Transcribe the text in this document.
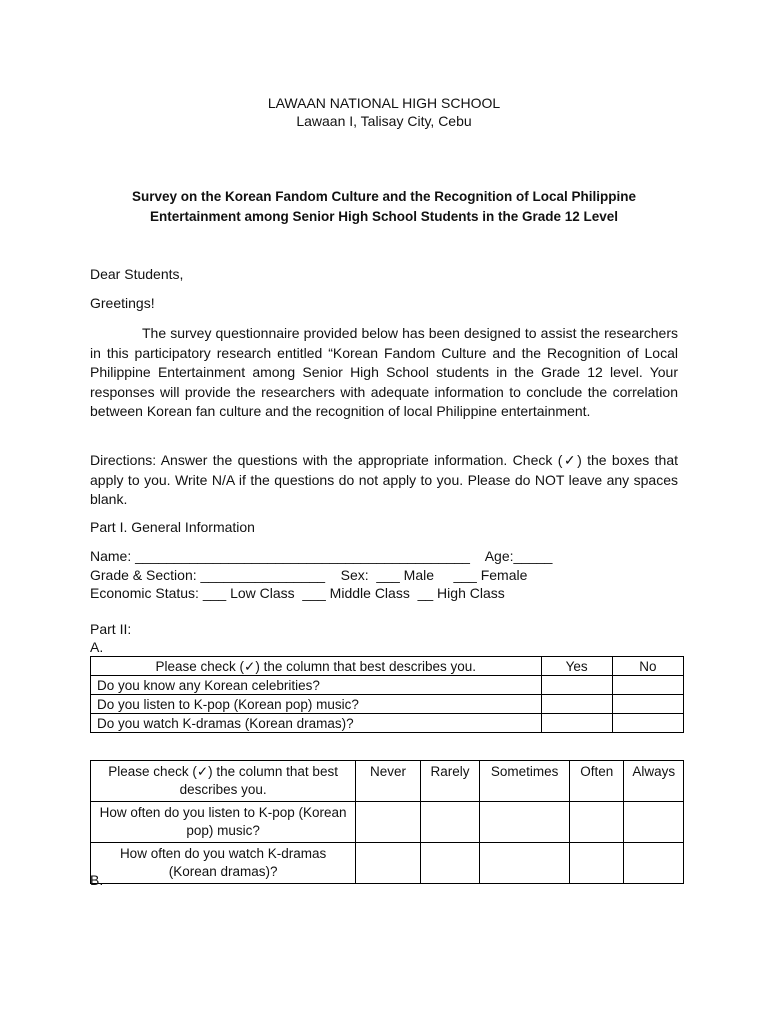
LAWAAN NATIONAL HIGH SCHOOL
Lawaan I, Talisay City, Cebu
Survey on the Korean Fandom Culture and the Recognition of Local Philippine
Entertainment among Senior High School Students in the Grade 12 Level
Dear Students,
Greetings!
The survey questionnaire provided below has been designed to assist the researchers in this participatory research entitled “Korean Fandom Culture and the Recognition of Local Philippine Entertainment among Senior High School students in the Grade 12 level. Your responses will provide the researchers with adequate information to conclude the correlation between Korean fan culture and the recognition of local Philippine entertainment.
Directions: Answer the questions with the appropriate information. Check (✓) the boxes that apply to you. Write N/A if the questions do not apply to you. Please do NOT leave any spaces blank.
Part I. General Information
Name: ___________________________________________    Age:_____
Grade & Section: ________________    Sex:  ___ Male     ___ Female
Economic Status: ___ Low Class  ___ Middle Class  __ High Class
Part II:
A.
Please check (✓) the column that best describes you.	Yes	No
Do you know any Korean celebrities?		
Do you listen to K-pop (Korean pop) music?		
Do you watch K-dramas (Korean dramas)?		
Please check (✓) the column that best describes you.	Never	Rarely	Sometimes	Often	Always
How often do you listen to K-pop (Korean pop) music?					
How often do you watch K-dramas (Korean dramas)?					
B.
